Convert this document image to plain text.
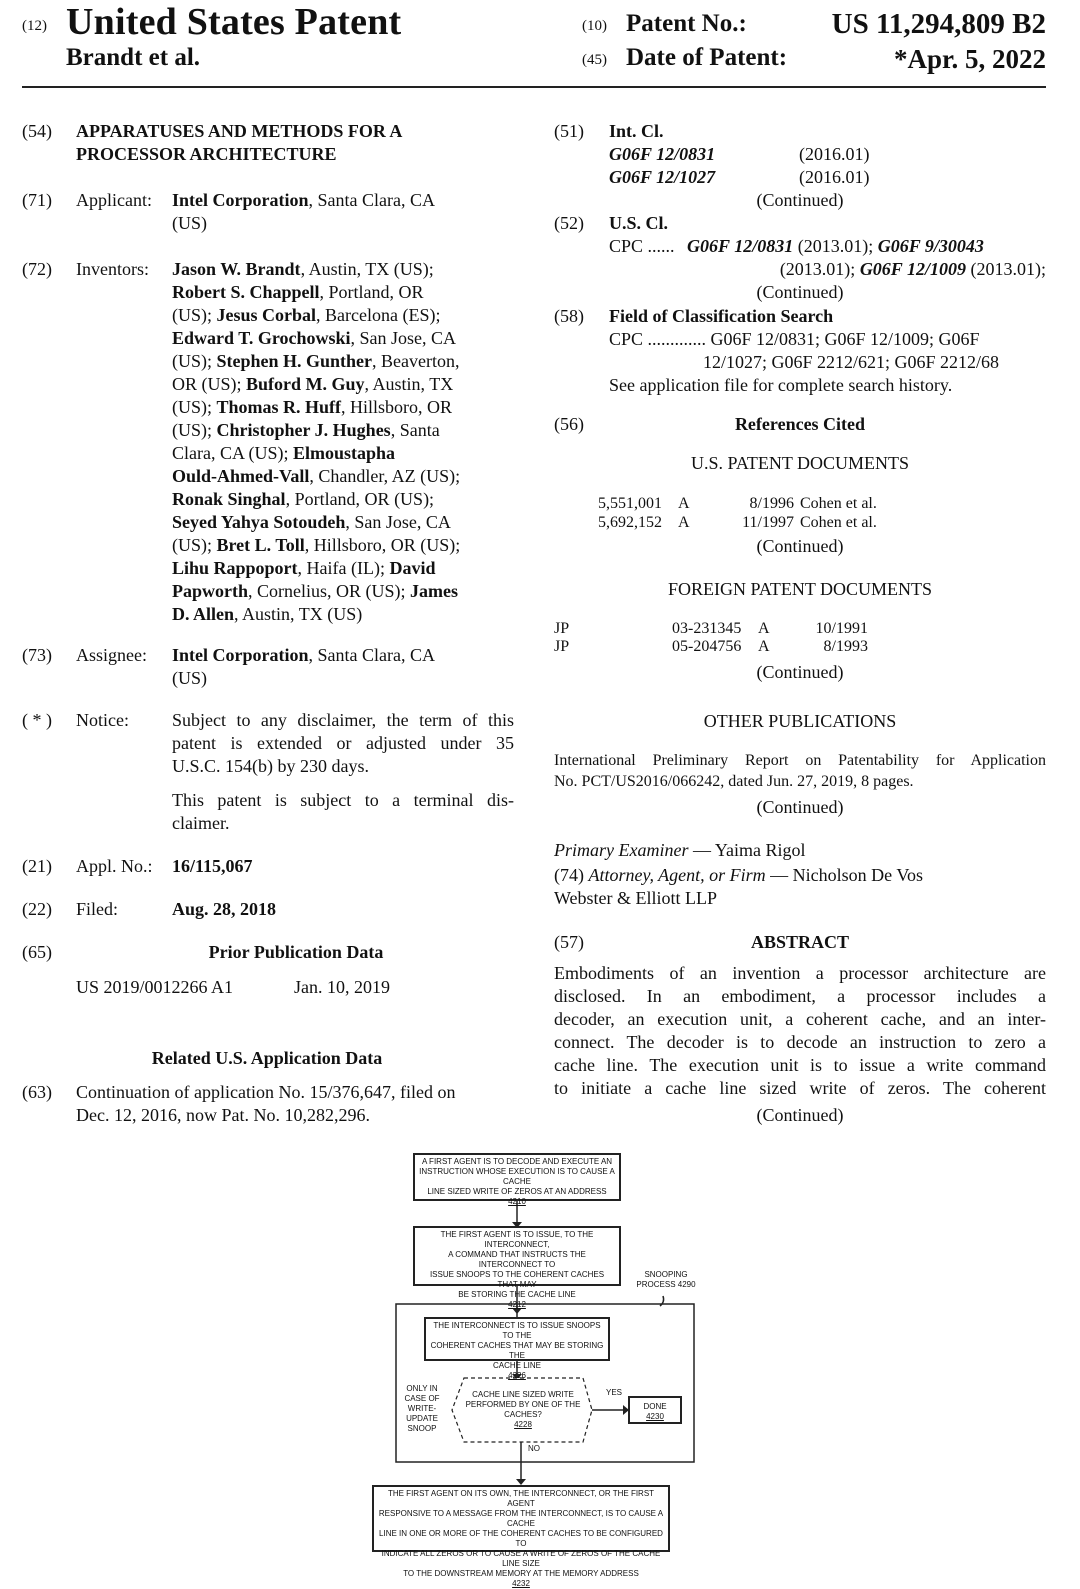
(12) United States Patent
Brandt et al.
(10) Patent No.:	US 11,294,809 B2
(45) Date of Patent:	*Apr. 5, 2022
(54) APPARATUSES AND METHODS FOR A
PROCESSOR ARCHITECTURE
(71) Applicant: Intel Corporation, Santa Clara, CA
(US)
(72) Inventors: Jason W. Brandt, Austin, TX (US);
Robert S. Chappell, Portland, OR
(US); Jesus Corbal, Barcelona (ES);
Edward T. Grochowski, San Jose, CA
(US); Stephen H. Gunther, Beaverton,
OR (US); Buford M. Guy, Austin, TX
(US); Thomas R. Huff, Hillsboro, OR
(US); Christopher J. Hughes, Santa
Clara, CA (US); Elmoustapha
Ould-Ahmed-Vall, Chandler, AZ (US);
Ronak Singhal, Portland, OR (US);
Seyed Yahya Sotoudeh, San Jose, CA
(US); Bret L. Toll, Hillsboro, OR (US);
Lihu Rappoport, Haifa (IL); David
Papworth, Cornelius, OR (US); James
D. Allen, Austin, TX (US)
(73) Assignee: Intel Corporation, Santa Clara, CA
(US)
( * ) Notice: Subject to any disclaimer, the term of this
patent is extended or adjusted under 35
U.S.C. 154(b) by 230 days.
This patent is subject to a terminal dis-
claimer.
(21) Appl. No.: 16/115,067
(22) Filed:	Aug. 28, 2018
(65)	Prior Publication Data
US 2019/0012266 A1	Jan. 10, 2019
Related U.S. Application Data
(63) Continuation of application No. 15/376,647, filed on
Dec. 12, 2016, now Pat. No. 10,282,296.
(51) Int. Cl.
G06F 12/0831	(2016.01)
G06F 12/1027	(2016.01)
(Continued)
(52) U.S. Cl.
CPC ...... G06F 12/0831 (2013.01); G06F 9/30043
(2013.01); G06F 12/1009 (2013.01);
(Continued)
(58) Field of Classification Search
CPC ............. G06F 12/0831; G06F 12/1009; G06F
12/1027; G06F 2212/621; G06F 2212/68
See application file for complete search history.
(56)	References Cited
U.S. PATENT DOCUMENTS
5,551,001 A	8/1996 Cohen et al.
5,692,152 A	11/1997 Cohen et al.
(Continued)
FOREIGN PATENT DOCUMENTS
JP	03-231345 A	10/1991
JP	05-204756 A	8/1993
(Continued)
OTHER PUBLICATIONS
International Preliminary Report on Patentability for Application
No. PCT/US2016/066242, dated Jun. 27, 2019, 8 pages.
(Continued)
Primary Examiner — Yaima Rigol
(74) Attorney, Agent, or Firm — Nicholson De Vos
Webster & Elliott LLP
(57)	ABSTRACT
Embodiments of an invention a processor architecture are
disclosed. In an embodiment, a processor includes a
decoder, an execution unit, a coherent cache, and an inter-
connect. The decoder is to decode an instruction to zero a
cache line. The execution unit is to issue a write command
to initiate a cache line sized write of zeros. The coherent
(Continued)
A FIRST AGENT IS TO DECODE AND EXECUTE AN
INSTRUCTION WHOSE EXECUTION IS TO CAUSE A CACHE
LINE SIZED WRITE OF ZEROS AT AN ADDRESS
4210
THE FIRST AGENT IS TO ISSUE, TO THE INTERCONNECT,
A COMMAND THAT INSTRUCTS THE INTERCONNECT TO
ISSUE SNOOPS TO THE COHERENT CACHES THAT MAY
BE STORING THE CACHE LINE
4212
SNOOPING
PROCESS 4290
THE INTERCONNECT IS TO ISSUE SNOOPS TO THE
COHERENT CACHES THAT MAY BE STORING THE
CACHE LINE
4226
ONLY IN
CASE OF
WRITE-
UPDATE
SNOOP
CACHE LINE SIZED WRITE
PERFORMED BY ONE OF THE
CACHES?
4228
YES
NO
DONE
4230
THE FIRST AGENT ON ITS OWN, THE INTERCONNECT, OR THE FIRST AGENT
RESPONSIVE TO A MESSAGE FROM THE INTERCONNECT, IS TO CAUSE A CACHE
LINE IN ONE OR MORE OF THE COHERENT CACHES TO BE CONFIGURED TO
INDICATE ALL ZEROS OR TO CAUSE A WRITE OF ZEROS OF THE CACHE LINE SIZE
TO THE DOWNSTREAM MEMORY AT THE MEMORY ADDRESS
4232
